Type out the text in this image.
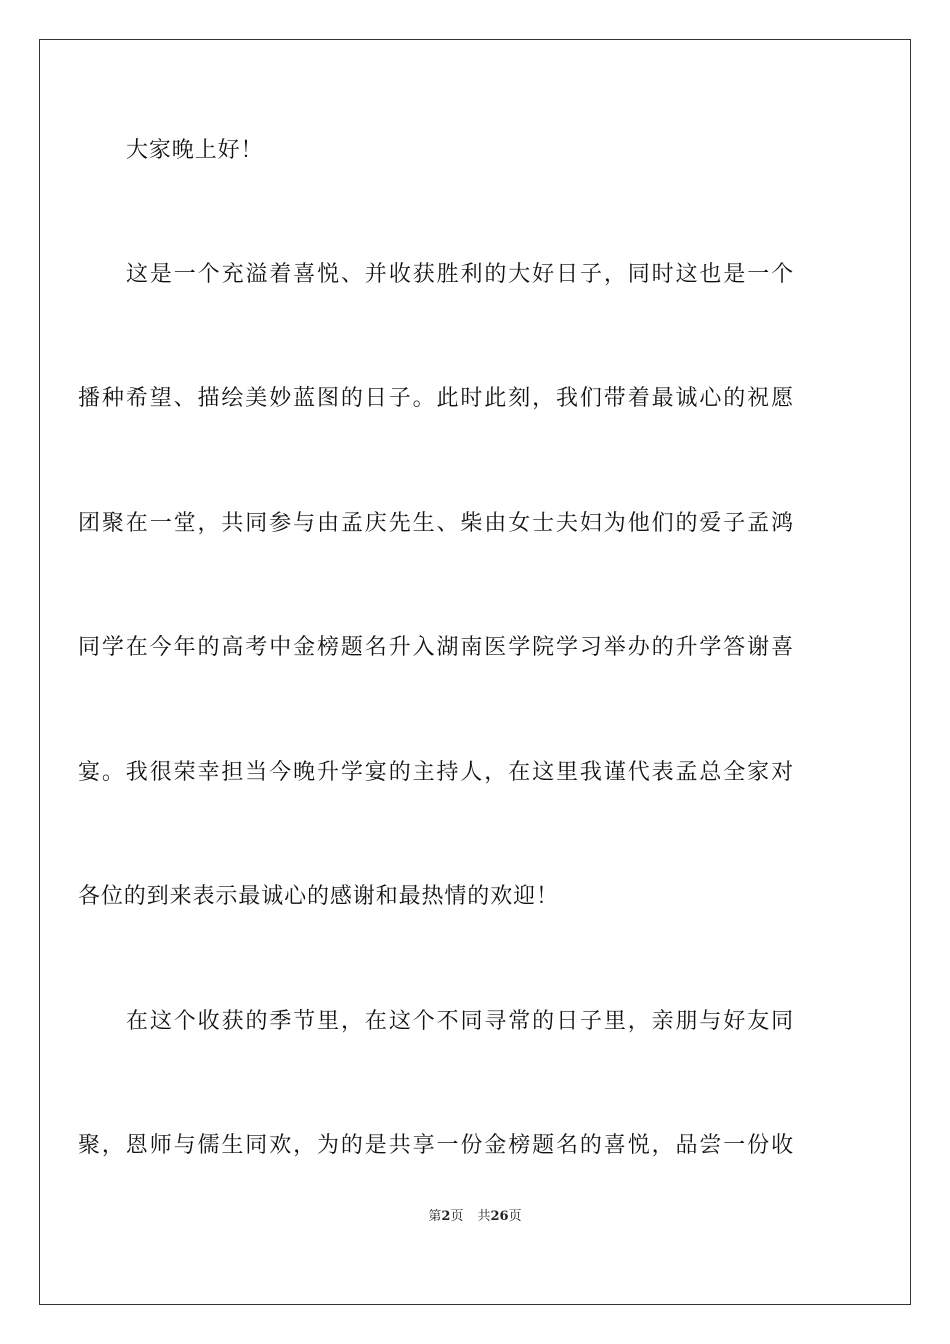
大家晚上好！
这是一个充溢着喜悦、并收获胜利的大好日子，同时这也是一个
播种希望、描绘美妙蓝图的日子。此时此刻，我们带着最诚心的祝愿
团聚在一堂，共同参与由孟庆先生、柴由女士夫妇为他们的爱子孟鸿
同学在今年的高考中金榜题名升入湖南医学院学习举办的升学答谢喜
宴。我很荣幸担当今晚升学宴的主持人，在这里我谨代表孟总全家对
各位的到来表示最诚心的感谢和最热情的欢迎！
在这个收获的季节里，在这个不同寻常的日子里，亲朋与好友同
聚，恩师与儒生同欢，为的是共享一份金榜题名的喜悦，品尝一份收
第2页 共26页
